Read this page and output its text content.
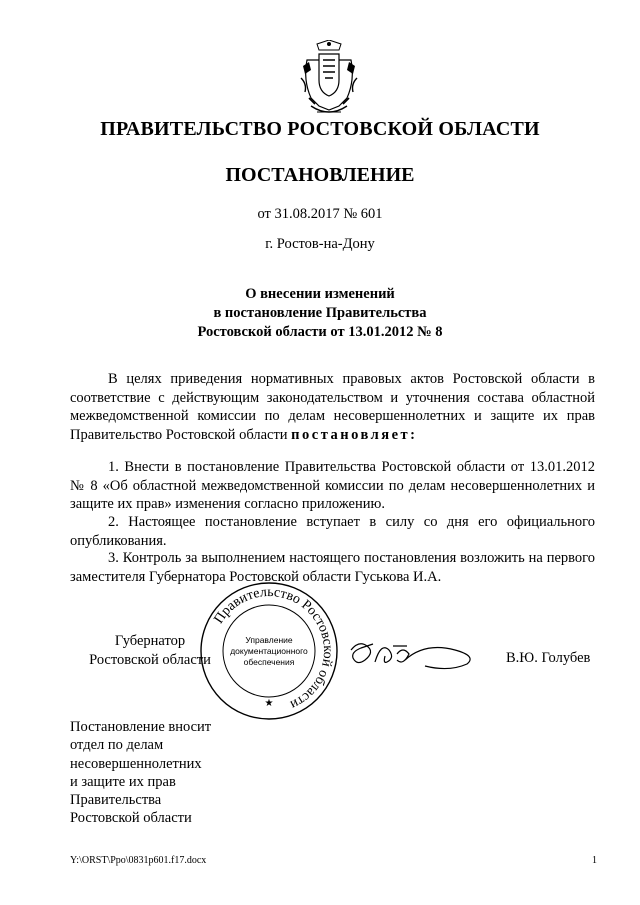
ПРАВИТЕЛЬСТВО РОСТОВСКОЙ ОБЛАСТИ
ПОСТАНОВЛЕНИЕ
от 31.08.2017 № 601
г. Ростов-на-Дону
О внесении изменений
в постановление Правительства
Ростовской области от 13.01.2012 № 8
В целях приведения нормативных правовых актов Ростовской области в соответствие с действующим законодательством и уточнения состава областной межведомственной комиссии по делам несовершеннолетних и защите их прав Правительство Ростовской области постановляет:
1. Внести в постановление Правительства Ростовской области от 13.01.2012 № 8 «Об областной межведомственной комиссии по делам несовершеннолетних и защите их прав» изменения согласно приложению.
2. Настоящее постановление вступает в силу со дня его официального опубликования.
3. Контроль за выполнением настоящего постановления возложить на первого заместителя Губернатора Ростовской области Гуськова И.А.
Губернатор
Ростовской области
Правительство Ростовской области
Управление
документационного
обеспечения
★
В.Ю. Голубев
Постановление вносит
отдел по делам
несовершеннолетних
и защите их прав
Правительства
Ростовской области
Y:\ORST\Ppo\0831p601.f17.docx	1
